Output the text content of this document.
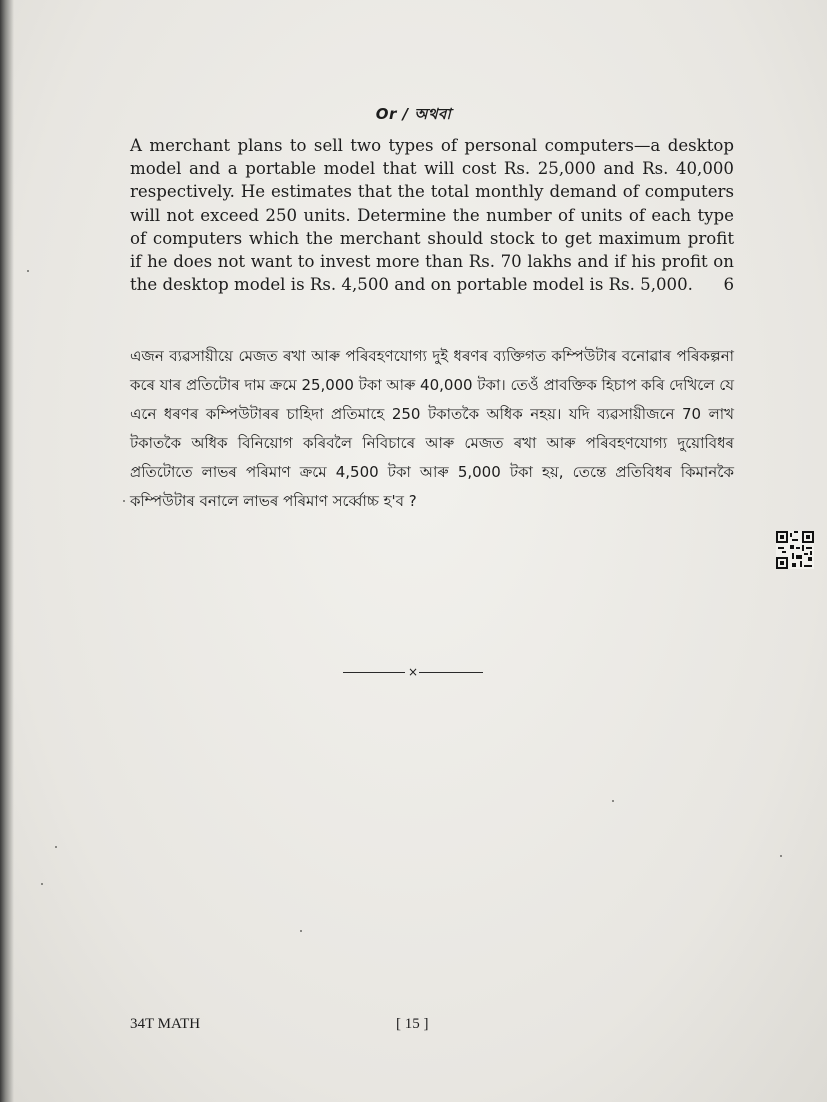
Or / অথবা

A merchant plans to sell two types of personal computers—a desktop model and a portable model that will cost Rs. 25,000 and Rs. 40,000 respectively. He estimates that the total monthly demand of computers will not exceed 250 units. Determine the number of units of each type of computers which the merchant should stock to get maximum profit if he does not want to invest more than Rs. 70 lakhs and if his profit on the desktop model is Rs. 4,500 and on portable model is Rs. 5,000. 6

এজন ব্যৱসায়ীয়ে মেজত ৰখা আৰু পৰিবহণযোগ্য দুই ধৰণৰ ব্যক্তিগত কম্পিউটাৰ বনোৱাৰ পৰিকল্পনা কৰে যাৰ প্ৰতিটোৰ দাম ক্ৰমে 25,000 টকা আৰু 40,000 টকা। তেওঁ প্ৰাবক্তিক হিচাপ কৰি দেখিলে যে এনে ধৰণৰ কম্পিউটাৰৰ চাহিদা প্ৰতিমাহে 250 টকাতকৈ অধিক নহয়। যদি ব্যৱসায়ীজনে 70 লাখ টকাতকৈ অধিক বিনিয়োগ কৰিবলৈ নিবিচাৰে আৰু মেজত ৰখা আৰু পৰিবহণযোগ্য দুয়োবিধৰ প্ৰতিটোতে লাভৰ পৰিমাণ ক্ৰমে 4,500 টকা আৰু 5,000 টকা হয়, তেন্তে প্ৰতিবিধৰ কিমানকৈ কম্পিউটাৰ বনালে লাভৰ পৰিমাণ সৰ্ব্বোচ্চ হ'ব ?

×
34T MATH	[ 15 ]
